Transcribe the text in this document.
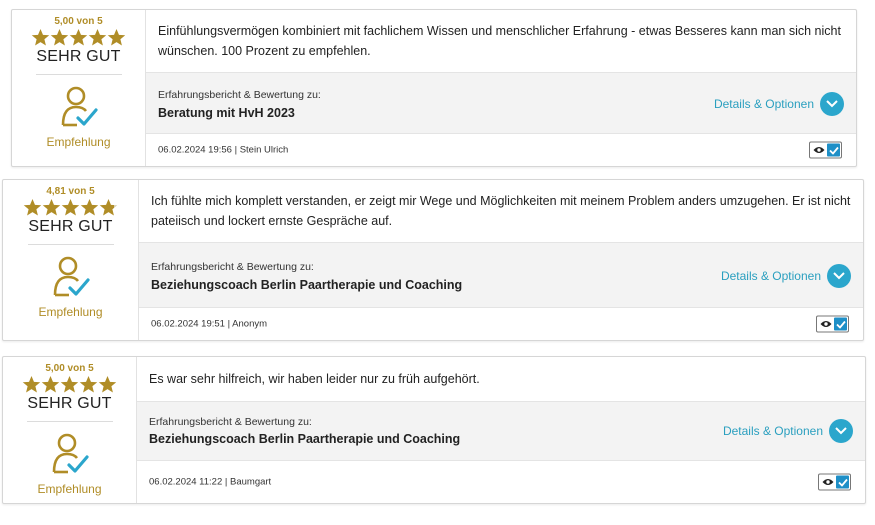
5,00 von 5
SEHR GUT
Empfehlung
Einfühlungsvermögen kombiniert mit fachlichem Wissen und menschlicher Erfahrung - etwas Besseres kann man sich nicht wünschen. 100 Prozent zu empfehlen.
Erfahrungsbericht & Bewertung zu:
Beratung mit HvH 2023
Details & Optionen
06.02.2024 19:56 | Stein Ulrich
4,81 von 5
SEHR GUT
Empfehlung
Ich fühlte mich komplett verstanden, er zeigt mir Wege und Möglichkeiten mit meinem Problem anders umzugehen. Er ist nicht pateiisch und lockert ernste Gespräche auf.
Erfahrungsbericht & Bewertung zu:
Beziehungscoach Berlin Paartherapie und Coaching
Details & Optionen
06.02.2024 19:51 | Anonym
5,00 von 5
SEHR GUT
Empfehlung
Es war sehr hilfreich, wir haben leider nur zu früh aufgehört.
Erfahrungsbericht & Bewertung zu:
Beziehungscoach Berlin Paartherapie und Coaching
Details & Optionen
06.02.2024 11:22 | Baumgart
